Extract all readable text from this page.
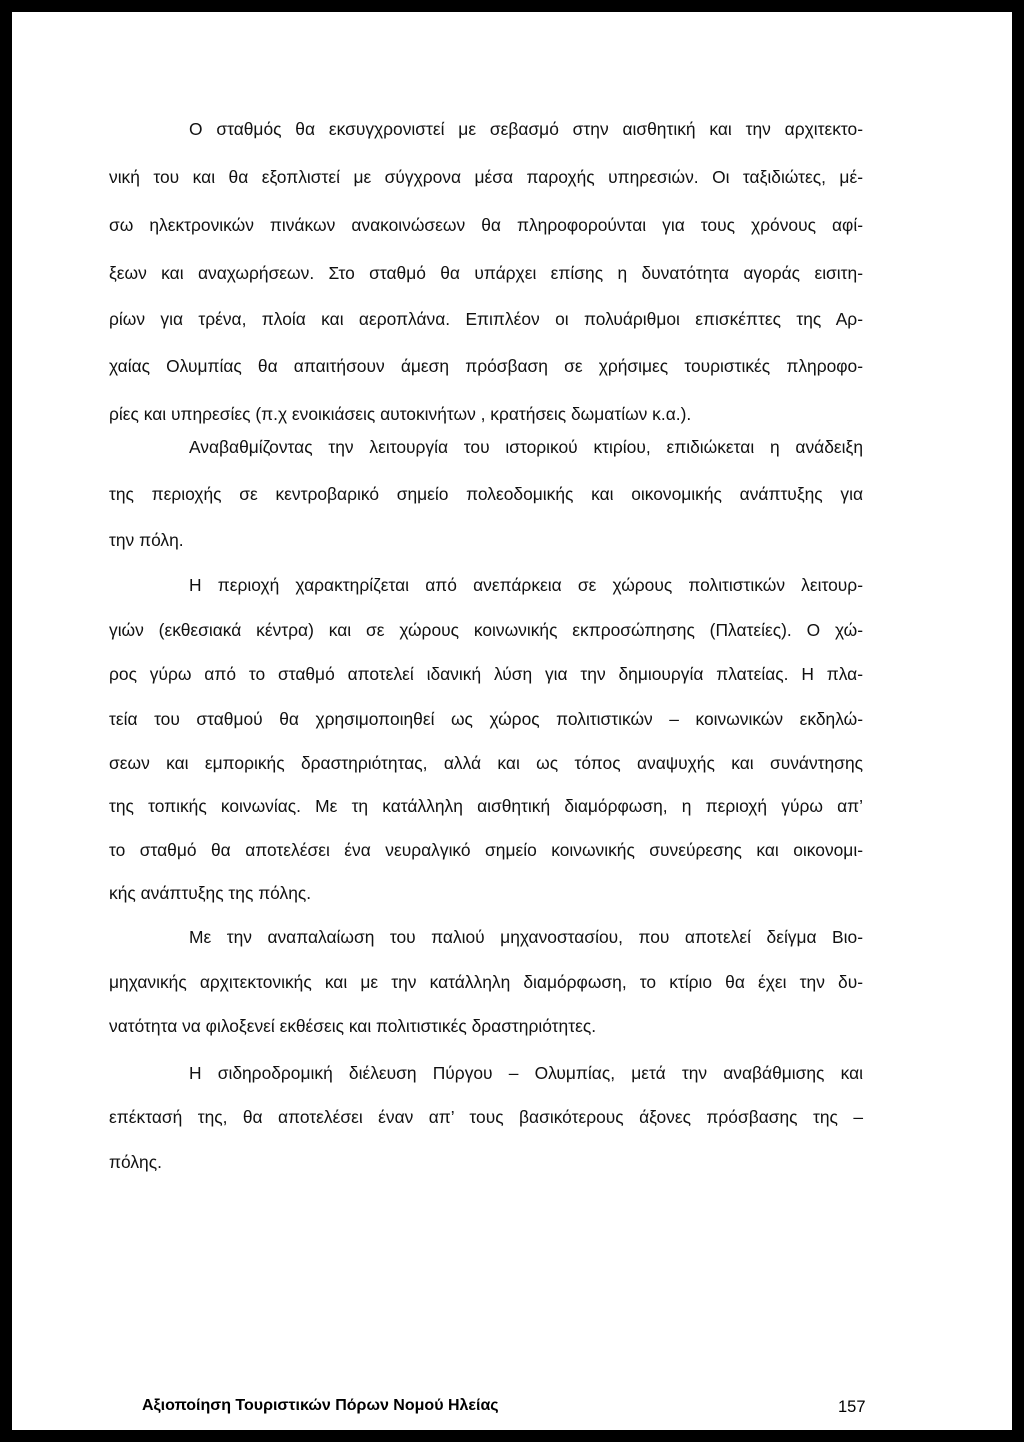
Ο σταθμός θα εκσυγχρονιστεί με σεβασμό στην αισθητική και την αρχιτεκτο-
νική του και θα εξοπλιστεί με σύγχρονα μέσα παροχής υπηρεσιών. Οι ταξιδιώτες, μέ-
σω ηλεκτρονικών πινάκων ανακοινώσεων θα πληροφορούνται για τους χρόνους αφί-
ξεων και αναχωρήσεων. Στο σταθμό θα υπάρχει επίσης η δυνατότητα αγοράς εισιτη-
ρίων για τρένα, πλοία και αεροπλάνα. Επιπλέον οι πολυάριθμοι επισκέπτες της Αρ-
χαίας Ολυμπίας θα απαιτήσουν άμεση πρόσβαση σε χρήσιμες τουριστικές πληροφο-
ρίες και υπηρεσίες (π.χ ενοικιάσεις αυτοκινήτων , κρατήσεις δωματίων κ.α.).
Αναβαθμίζοντας την λειτουργία του ιστορικού κτιρίου, επιδιώκεται η ανάδειξη
της περιοχής σε κεντροβαρικό σημείο πολεοδομικής και οικονομικής ανάπτυξης για
την πόλη.
Η περιοχή χαρακτηρίζεται από ανεπάρκεια σε χώρους πολιτιστικών λειτουρ-
γιών (εκθεσιακά κέντρα) και σε χώρους κοινωνικής εκπροσώπησης (Πλατείες). Ο χώ-
ρος γύρω από το σταθμό αποτελεί ιδανική λύση για την δημιουργία πλατείας. Η πλα-
τεία του σταθμού θα χρησιμοποιηθεί ως χώρος πολιτιστικών – κοινωνικών εκδηλώ-
σεων και εμπορικής δραστηριότητας, αλλά και ως τόπος αναψυχής και συνάντησης
της τοπικής κοινωνίας. Με τη κατάλληλη αισθητική διαμόρφωση, η περιοχή γύρω απ’
το σταθμό θα αποτελέσει ένα νευραλγικό σημείο κοινωνικής συνεύρεσης και οικονομι-
κής ανάπτυξης της πόλης.
Με την αναπαλαίωση του παλιού μηχανοστασίου, που αποτελεί δείγμα Βιο-
μηχανικής αρχιτεκτονικής και με την κατάλληλη διαμόρφωση, το κτίριο θα έχει την δυ-
νατότητα να φιλοξενεί εκθέσεις και πολιτιστικές δραστηριότητες.
Η σιδηροδρομική διέλευση Πύργου – Ολυμπίας, μετά την αναβάθμισης και
επέκτασή της, θα αποτελέσει έναν απ’ τους βασικότερους άξονες πρόσβασης της –
πόλης.
Αξιοποίηση Τουριστικών Πόρων Νομού Ηλείας	157
